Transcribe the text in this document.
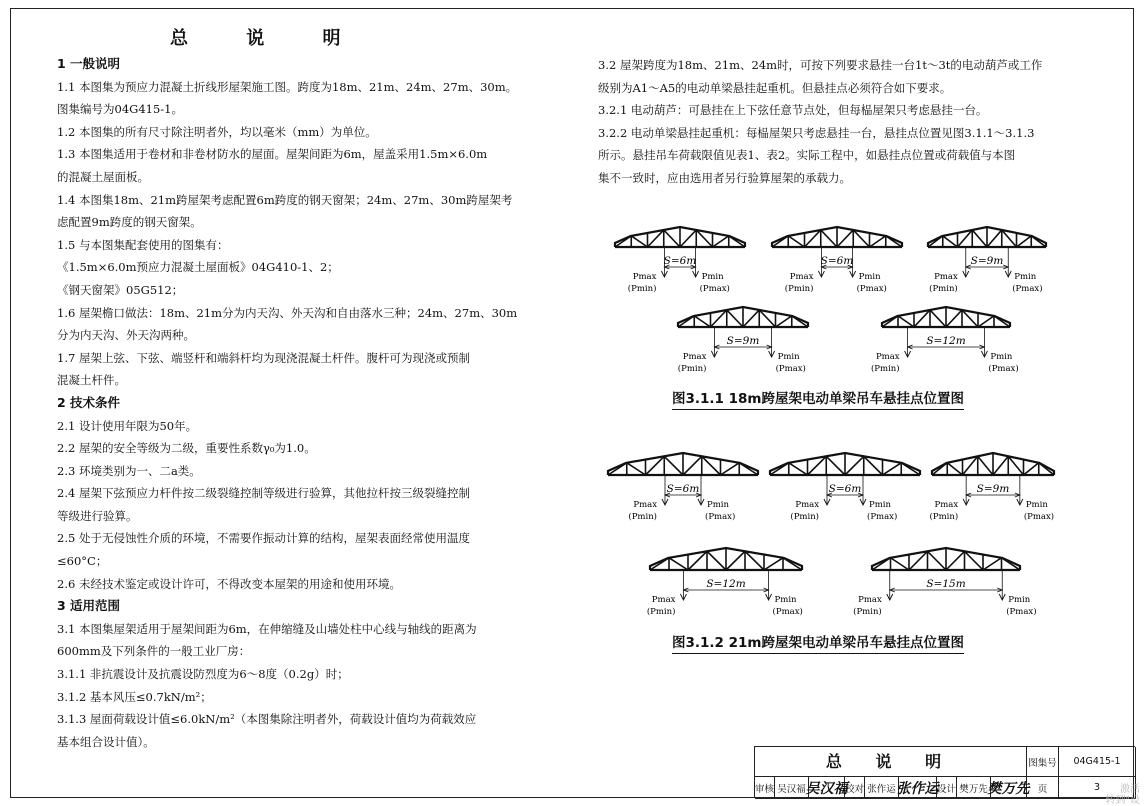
总 说 明

1 一般说明

1.1 本图集为预应力混凝土折线形屋架施工图。跨度为18m、21m、24m、27m、30m。

图集编号为04G415-1。

1.2 本图集的所有尺寸除注明者外，均以毫米（mm）为单位。

1.3 本图集适用于卷材和非卷材防水的屋面。屋架间距为6m，屋盖采用1.5m×6.0m

的混凝土屋面板。

1.4 本图集18m、21m跨屋架考虑配置6m跨度的钢天窗架；24m、27m、30m跨屋架考

虑配置9m跨度的钢天窗架。

1.5 与本图集配套使用的图集有：

《1.5m×6.0m预应力混凝土屋面板》04G410-1、2；

《钢天窗架》05G512；

1.6 屋架檐口做法：18m、21m分为内天沟、外天沟和自由落水三种；24m、27m、30m

分为内天沟、外天沟两种。

1.7 屋架上弦、下弦、端竖杆和端斜杆均为现浇混凝土杆件。腹杆可为现浇或预制

混凝土杆件。

2 技术条件

2.1 设计使用年限为50年。

2.2 屋架的安全等级为二级，重要性系数γ₀为1.0。

2.3 环境类别为一、二a类。

2.4 屋架下弦预应力杆件按二级裂缝控制等级进行验算，其他拉杆按三级裂缝控制

等级进行验算。

2.5 处于无侵蚀性介质的环境，不需要作振动计算的结构，屋架表面经常使用温度

≤60°C；

2.6 未经技术鉴定或设计许可，不得改变本屋架的用途和使用环境。

3 适用范围

3.1 本图集屋架适用于屋架间距为6m，在伸缩缝及山墙处柱中心线与轴线的距离为

600mm及下列条件的一般工业厂房：

3.1.1 非抗震设计及抗震设防烈度为6～8度（0.2g）时；

3.1.2 基本风压≤0.7kN/m²；

3.1.3 屋面荷载设计值≤6.0kN/m²（本图集除注明者外，荷载设计值均为荷载效应

基本组合设计值）。

3.2 屋架跨度为18m、21m、24m时，可按下列要求悬挂一台1t～3t的电动葫芦或工作

级别为A1～A5的电动单梁悬挂起重机。但悬挂点必须符合如下要求。

3.2.1 电动葫芦：可悬挂在上下弦任意节点处，但每榀屋架只考虑悬挂一台。

3.2.2 电动单梁悬挂起重机：每榀屋架只考虑悬挂一台，悬挂点位置见图3.1.1～3.1.3

所示。悬挂吊车荷载限值见表1、表2。实际工程中，如悬挂点位置或荷载值与本图

集不一致时，应由选用者另行验算屋架的承载力。

S=6m
Pmax
(Pmin)
Pmin
(Pmax)
S=6m
Pmax
(Pmin)
Pmin
(Pmax)
S=9m
Pmax
(Pmin)
Pmin
(Pmax)
S=9m
Pmax
(Pmin)
Pmin
(Pmax)
S=12m
Pmax
(Pmin)
Pmin
(Pmax)
图3.1.1 18m跨屋架电动单梁吊车悬挂点位置图
S=6m
Pmax
(Pmin)
Pmin
(Pmax)
S=6m
Pmax
(Pmin)
Pmin
(Pmax)
S=9m
Pmax
(Pmin)
Pmin
(Pmax)
S=12m
Pmax
(Pmin)
Pmin
(Pmax)
S=15m
Pmax
(Pmin)
Pmin
(Pmax)
图3.1.2 21m跨屋架电动单梁吊车悬挂点位置图
总 说 明	图集号	04G415-1
审核 吴汉福 吴汉福
校对 张作运 张作运
设计 樊万先 樊万先 页	3	激活
转到"设
